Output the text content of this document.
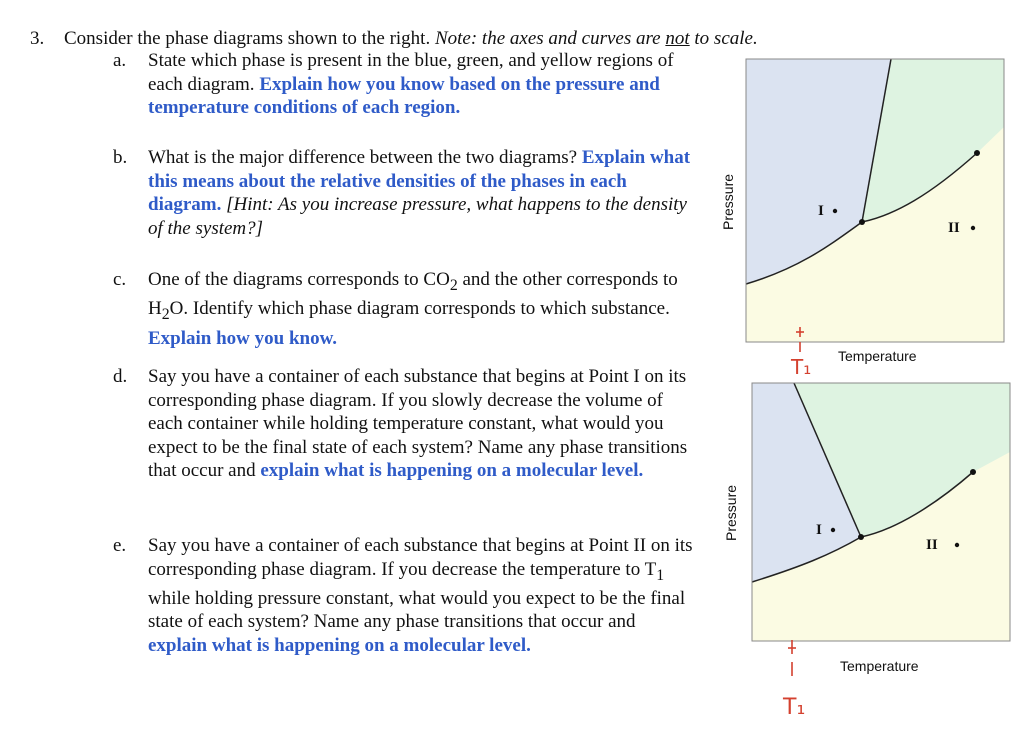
3. Consider the phase diagrams shown to the right. Note: the axes and curves are not to scale.
a. State which phase is present in the blue, green, and yellow regions of each diagram. Explain how you know based on the pressure and temperature conditions of each region.
b. What is the major difference between the two diagrams? Explain what this means about the relative densities of the phases in each diagram. [Hint: As you increase pressure, what happens to the density of the system?]
c. One of the diagrams corresponds to $CO_2$ and the other corresponds to $H_2O$. Identify which phase diagram corresponds to which substance. Explain how you know.
d. Say you have a container of each substance that begins at Point I on its corresponding phase diagram. If you slowly decrease the volume of each container while holding temperature constant, what would you expect to be the final state of each system? Name any phase transitions that occur and explain what is happening on a molecular level.
e. Say you have a container of each substance that begins at Point II on its corresponding phase diagram. If you decrease the temperature to $T_1$ while holding pressure constant, what would you expect to be the final state of each system? Name any phase transitions that occur and explain what is happening on a molecular level.
I
II
Pressure
Temperature
T₁
I
II
Pressure
Temperature
T₁
